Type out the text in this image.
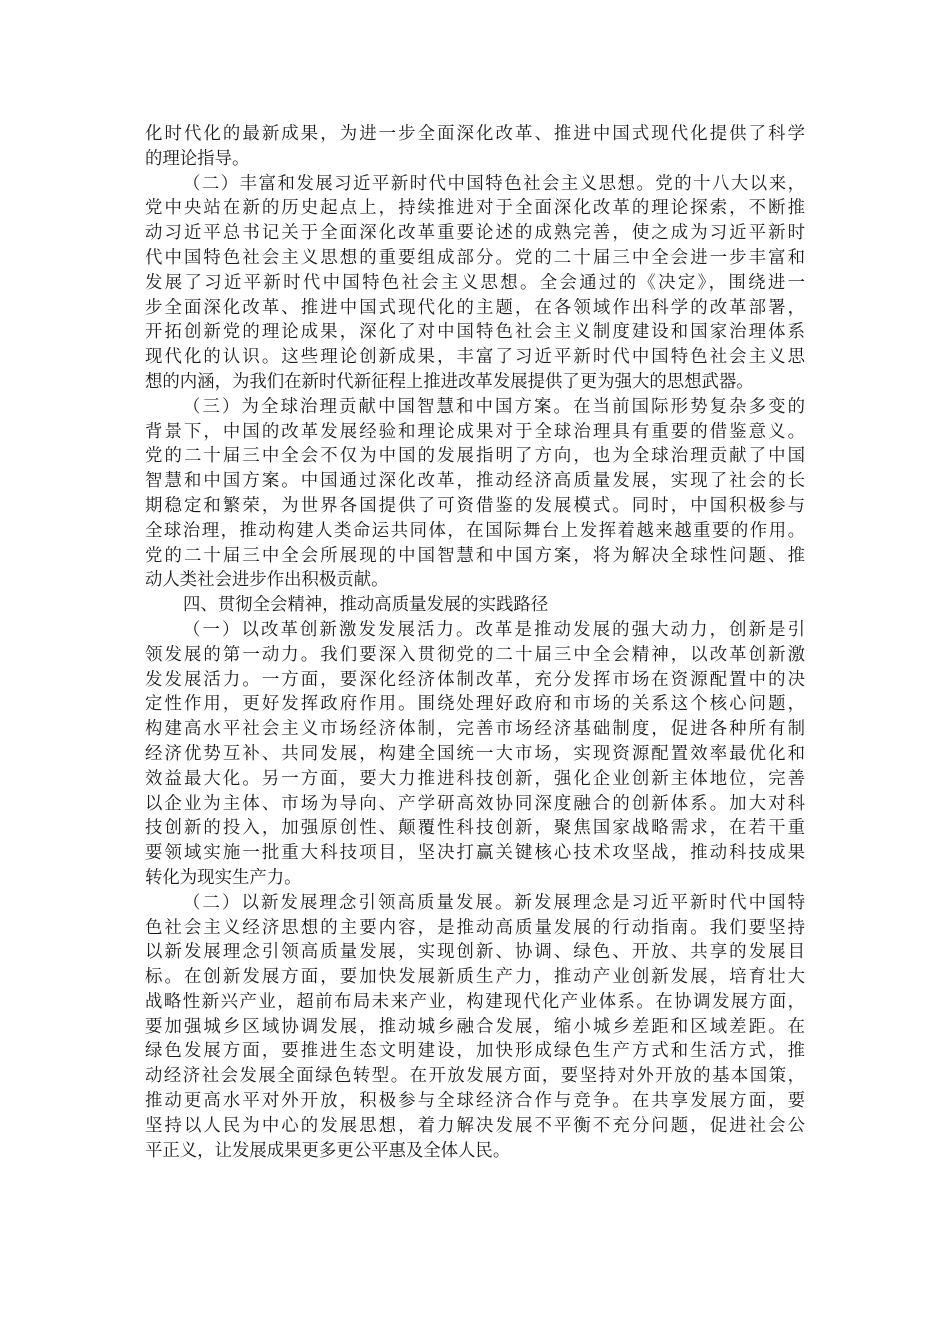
化时代化的最新成果，为进一步全面深化改革、推进中国式现代化提供了科学
的理论指导。
（二）丰富和发展习近平新时代中国特色社会主义思想。党的十八大以来，
党中央站在新的历史起点上，持续推进对于全面深化改革的理论探索，不断推
动习近平总书记关于全面深化改革重要论述的成熟完善，使之成为习近平新时
代中国特色社会主义思想的重要组成部分。党的二十届三中全会进一步丰富和
发展了习近平新时代中国特色社会主义思想。全会通过的《决定》，围绕进一
步全面深化改革、推进中国式现代化的主题，在各领域作出科学的改革部署，
开拓创新党的理论成果，深化了对中国特色社会主义制度建设和国家治理体系
现代化的认识。这些理论创新成果，丰富了习近平新时代中国特色社会主义思
想的内涵，为我们在新时代新征程上推进改革发展提供了更为强大的思想武器。
（三）为全球治理贡献中国智慧和中国方案。在当前国际形势复杂多变的
背景下，中国的改革发展经验和理论成果对于全球治理具有重要的借鉴意义。
党的二十届三中全会不仅为中国的发展指明了方向，也为全球治理贡献了中国
智慧和中国方案。中国通过深化改革，推动经济高质量发展，实现了社会的长
期稳定和繁荣，为世界各国提供了可资借鉴的发展模式。同时，中国积极参与
全球治理，推动构建人类命运共同体，在国际舞台上发挥着越来越重要的作用。
党的二十届三中全会所展现的中国智慧和中国方案，将为解决全球性问题、推
动人类社会进步作出积极贡献。
四、贯彻全会精神，推动高质量发展的实践路径
（一）以改革创新激发发展活力。改革是推动发展的强大动力，创新是引
领发展的第一动力。我们要深入贯彻党的二十届三中全会精神，以改革创新激
发发展活力。一方面，要深化经济体制改革，充分发挥市场在资源配置中的决
定性作用，更好发挥政府作用。围绕处理好政府和市场的关系这个核心问题，
构建高水平社会主义市场经济体制，完善市场经济基础制度，促进各种所有制
经济优势互补、共同发展，构建全国统一大市场，实现资源配置效率最优化和
效益最大化。另一方面，要大力推进科技创新，强化企业创新主体地位，完善
以企业为主体、市场为导向、产学研高效协同深度融合的创新体系。加大对科
技创新的投入，加强原创性、颠覆性科技创新，聚焦国家战略需求，在若干重
要领域实施一批重大科技项目，坚决打赢关键核心技术攻坚战，推动科技成果
转化为现实生产力。
（二）以新发展理念引领高质量发展。新发展理念是习近平新时代中国特
色社会主义经济思想的主要内容，是推动高质量发展的行动指南。我们要坚持
以新发展理念引领高质量发展，实现创新、协调、绿色、开放、共享的发展目
标。在创新发展方面，要加快发展新质生产力，推动产业创新发展，培育壮大
战略性新兴产业，超前布局未来产业，构建现代化产业体系。在协调发展方面，
要加强城乡区域协调发展，推动城乡融合发展，缩小城乡差距和区域差距。在
绿色发展方面，要推进生态文明建设，加快形成绿色生产方式和生活方式，推
动经济社会发展全面绿色转型。在开放发展方面，要坚持对外开放的基本国策，
推动更高水平对外开放，积极参与全球经济合作与竞争。在共享发展方面，要
坚持以人民为中心的发展思想，着力解决发展不平衡不充分问题，促进社会公
平正义，让发展成果更多更公平惠及全体人民。
